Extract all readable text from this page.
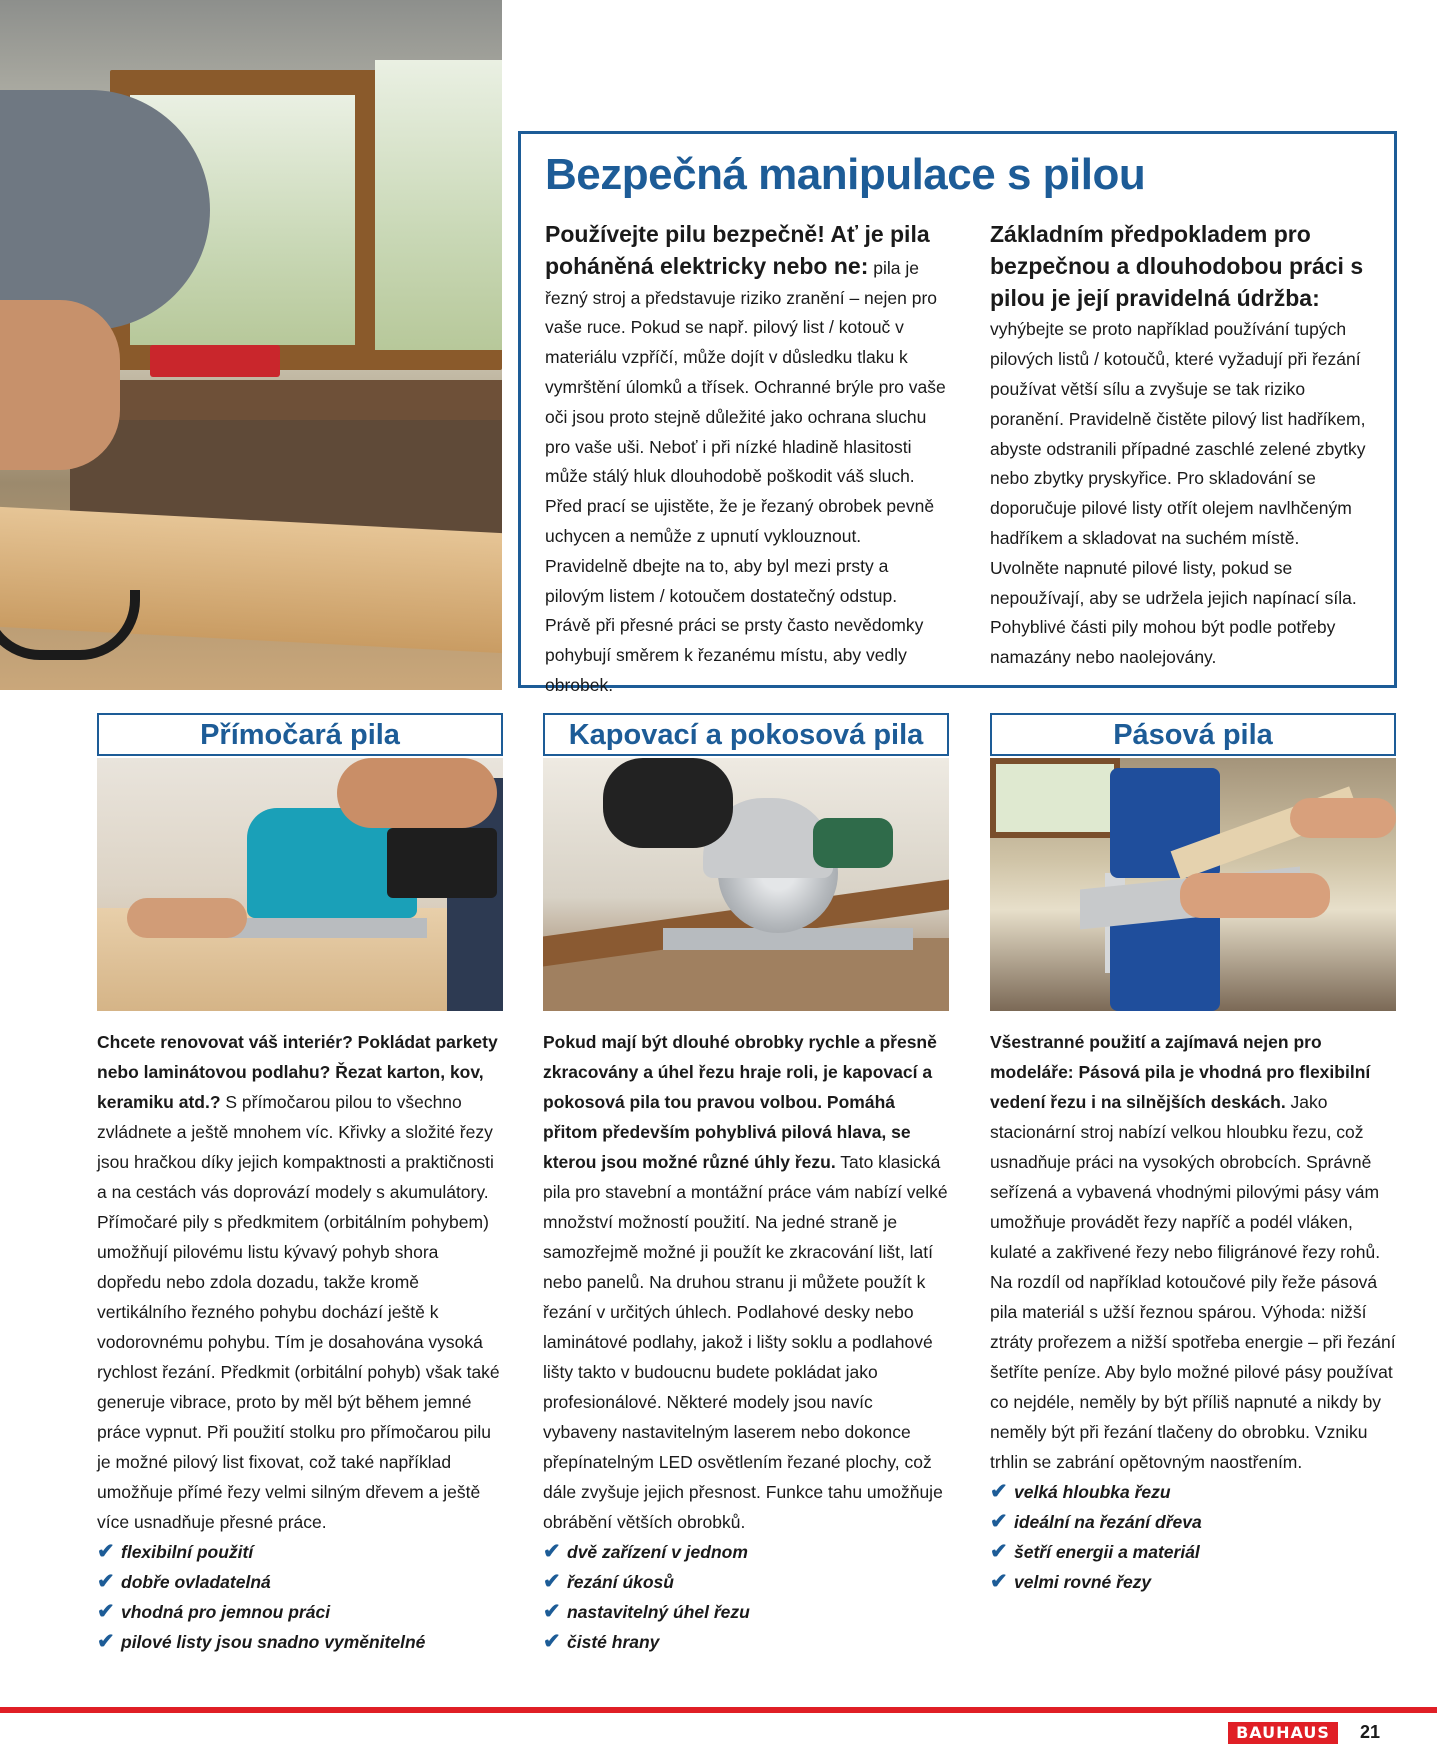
Bezpečná manipulace s pilou
Používejte pilu bezpečně! Ať je pila poháněná elektricky nebo ne: pila je řezný stroj a představuje riziko zranění – nejen pro vaše ruce. Pokud se např. pilový list / kotouč v materiálu vzpříčí, může dojít v důsledku tlaku k vymrštění úlomků a třísek. Ochranné brýle pro vaše oči jsou proto stejně důležité jako ochrana sluchu pro vaše uši. Neboť i při nízké hladině hlasitosti může stálý hluk dlouhodobě poškodit váš sluch. Před prací se ujistěte, že je řezaný obrobek pevně uchycen a nemůže z upnutí vyklouznout. Pravidelně dbejte na to, aby byl mezi prsty a pilovým listem / kotoučem dostatečný odstup. Právě při přesné práci se prsty často nevědomky pohybují směrem k řezanému místu, aby vedly obrobek.
Základním předpokladem pro bezpečnou a dlouhodobou práci s pilou je její pravidelná údržba: vyhýbejte se proto například používání tupých pilových listů / kotoučů, které vyžadují při řezání používat větší sílu a zvyšuje se tak riziko poranění. Pravidelně čistěte pilový list hadříkem, abyste odstranili případné zaschlé zelené zbytky nebo zbytky pryskyřice. Pro skladování se doporučuje pilové listy otřít olejem navlhčeným hadříkem a skladovat na suchém místě. Uvolněte napnuté pilové listy, pokud se nepoužívají, aby se udržela jejich napínací síla. Pohyblivé části pily mohou být podle potřeby namazány nebo naolejovány.
Přímočará pila	Kapovací a pokosová pila	Pásová pila

Chcete renovovat váš interiér? Pokládat parkety nebo laminátovou podlahu? Řezat karton, kov, keramiku atd.? S přímočarou pilou to všechno zvládnete a ještě mnohem víc. Křivky a složité řezy jsou hračkou díky jejich kompaktnosti a praktičnosti a na cestách vás doprovází modely s akumulátory. Přímočaré pily s předkmitem (orbitálním pohybem) umožňují pilovému listu kývavý pohyb shora dopředu nebo zdola dozadu, takže kromě vertikálního řezného pohybu dochází ještě k vodorovnému pohybu. Tím je dosahována vysoká rychlost řezání. Předkmit (orbitální pohyb) však také generuje vibrace, proto by měl být během jemné práce vypnut. Při použití stolku pro přímočarou pilu je možné pilový list fixovat, což také například umožňuje přímé řezy velmi silným dřevem a ještě více usnadňuje přesné práce.

✔ flexibilní použití
✔ dobře ovladatelná
✔ vhodná pro jemnou práci
✔ pilové listy jsou snadno vyměnitelné

Pokud mají být dlouhé obrobky rychle a přesně zkracovány a úhel řezu hraje roli, je kapovací a pokosová pila tou pravou volbou. Pomáhá přitom především pohyblivá pilová hlava, se kterou jsou možné různé úhly řezu. Tato klasická pila pro stavební a montážní práce vám nabízí velké množství možností použití. Na jedné straně je samozřejmě možné ji použít ke zkracování lišt, latí nebo panelů. Na druhou stranu ji můžete použít k řezání v určitých úhlech. Podlahové desky nebo laminátové podlahy, jakož i lišty soklu a podlahové lišty takto v budoucnu budete pokládat jako profesionálové. Některé modely jsou navíc vybaveny nastavitelným laserem nebo dokonce přepínatelným LED osvětlením řezané plochy, což dále zvyšuje jejich přesnost. Funkce tahu umožňuje obrábění větších obrobků.

✔ dvě zařízení v jednom
✔ řezání úkosů
✔ nastavitelný úhel řezu
✔ čisté hrany

Všestranné použití a zajímavá nejen pro modeláře: Pásová pila je vhodná pro flexibilní vedení řezu i na silnějších deskách. Jako stacionární stroj nabízí velkou hloubku řezu, což usnadňuje práci na vysokých obrobcích. Správně seřízená a vybavená vhodnými pilovými pásy vám umožňuje provádět řezy napříč a podél vláken, kulaté a zakřivené řezy nebo filigránové řezy rohů. Na rozdíl od například kotoučové pily řeže pásová pila materiál s užší řeznou spárou. Výhoda: nižší ztráty prořezem a nižší spotřeba energie – při řezání šetříte peníze. Aby bylo možné pilové pásy používat co nejdéle, neměly by být příliš napnuté a nikdy by neměly být při řezání tlačeny do obrobku. Vzniku trhlin se zabrání opětovným naostřením.

✔ velká hloubka řezu
✔ ideální na řezání dřeva
✔ šetří energii a materiál
✔ velmi rovné řezy
BAUHAUS	21
